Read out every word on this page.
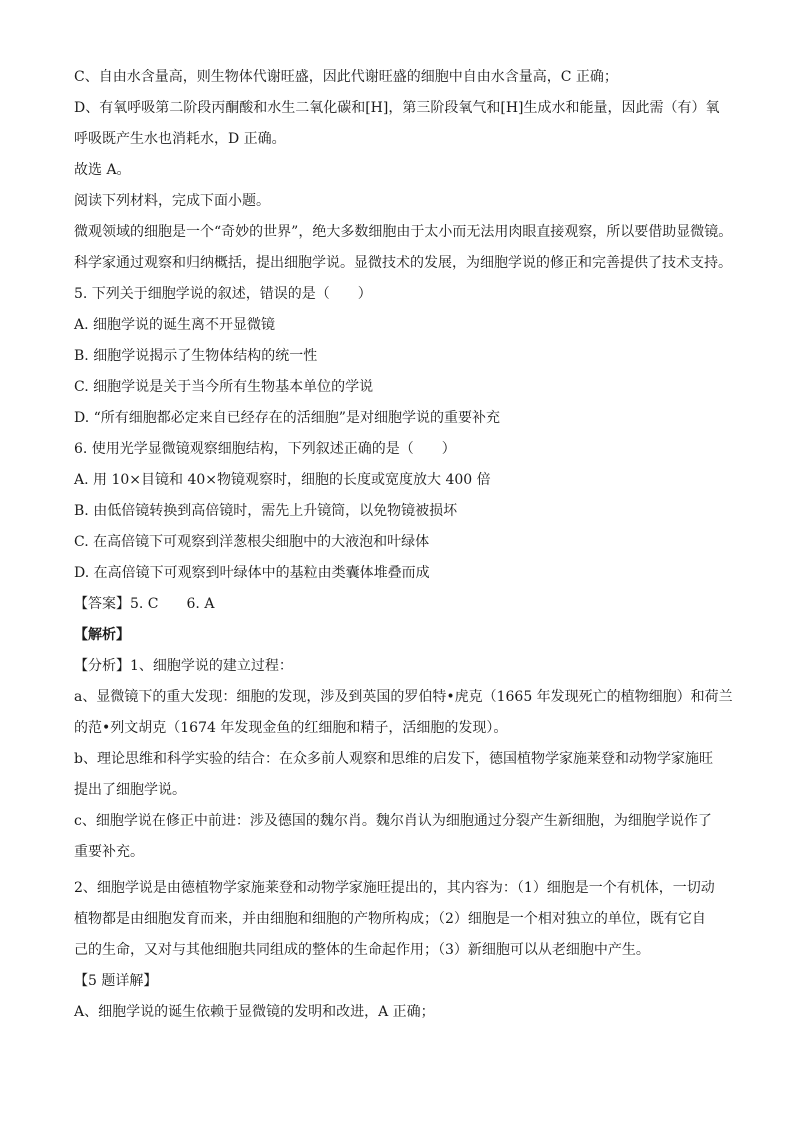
C、自由水含量高，则生物体代谢旺盛，因此代谢旺盛的细胞中自由水含量高，C 正确；
D、有氧呼吸第二阶段丙酮酸和水生二氧化碳和[H]，第三阶段氧气和[H]生成水和能量，因此需（有）氧
呼吸既产生水也消耗水，D 正确。
故选 A。
阅读下列材料，完成下面小题。
微观领域的细胞是一个“奇妙的世界”，绝大多数细胞由于太小而无法用肉眼直接观察，所以要借助显微镜。
科学家通过观察和归纳概括，提出细胞学说。显微技术的发展，为细胞学说的修正和完善提供了技术支持。
5. 下列关于细胞学说的叙述，错误的是（　　）
A. 细胞学说的诞生离不开显微镜
B. 细胞学说揭示了生物体结构的统一性
C. 细胞学说是关于当今所有生物基本单位的学说
D. “所有细胞都必定来自已经存在的活细胞”是对细胞学说的重要补充
6. 使用光学显微镜观察细胞结构，下列叙述正确的是（　　）
A. 用 10×目镜和 40×物镜观察时，细胞的长度或宽度放大 400 倍
B. 由低倍镜转换到高倍镜时，需先上升镜筒，以免物镜被损坏
C. 在高倍镜下可观察到洋葱根尖细胞中的大液泡和叶绿体
D. 在高倍镜下可观察到叶绿体中的基粒由类囊体堆叠而成
【答案】5. C　　6. A
【解析】
【分析】1、细胞学说的建立过程：
a、显微镜下的重大发现：细胞的发现，涉及到英国的罗伯特•虎克（1665 年发现死亡的植物细胞）和荷兰
的范•列文胡克（1674 年发现金鱼的红细胞和精子，活细胞的发现）。
b、理论思维和科学实验的结合：在众多前人观察和思维的启发下，德国植物学家施莱登和动物学家施旺
提出了细胞学说。
c、细胞学说在修正中前进：涉及德国的魏尔肖。魏尔肖认为细胞通过分裂产生新细胞，为细胞学说作了
重要补充。
2、细胞学说是由德植物学家施莱登和动物学家施旺提出的，其内容为：（1）细胞是一个有机体，一切动
植物都是由细胞发育而来，并由细胞和细胞的产物所构成；（2）细胞是一个相对独立的单位，既有它自
己的生命，又对与其他细胞共同组成的整体的生命起作用；（3）新细胞可以从老细胞中产生。
【5 题详解】
A、细胞学说的诞生依赖于显微镜的发明和改进，A 正确；
